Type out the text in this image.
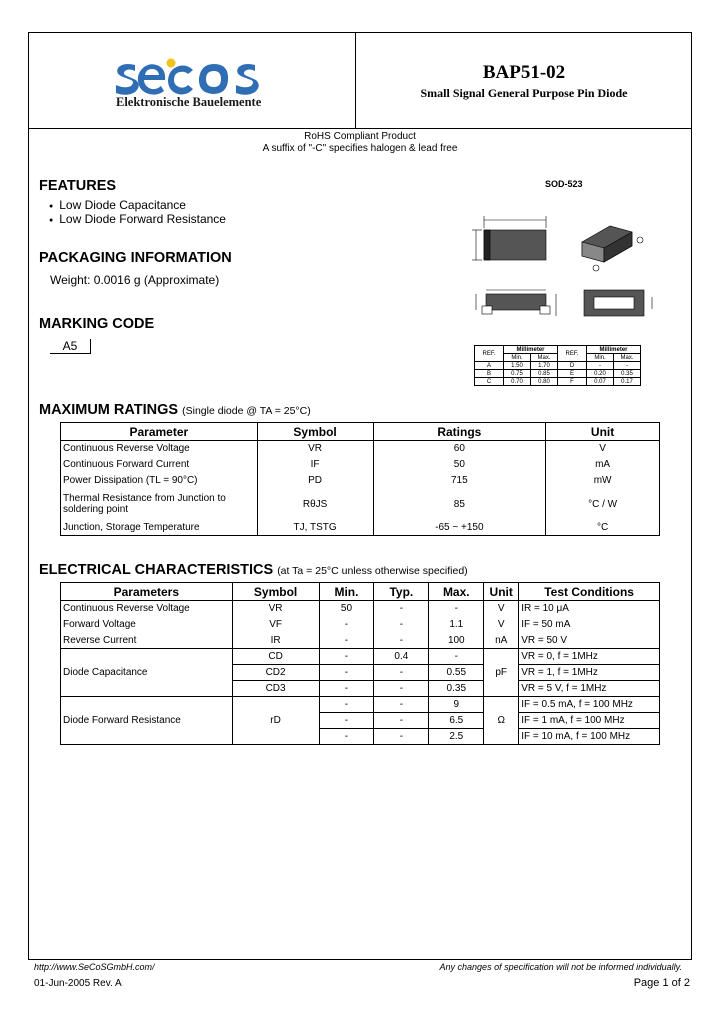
Elektronische Bauelemente
BAP51-02
Small Signal General Purpose Pin Diode
RoHS Compliant Product
A suffix of "-C" specifies halogen & lead free
FEATURES
● Low Diode Capacitance
● Low Diode Forward Resistance
PACKAGING INFORMATION
Weight: 0.0016 g (Approximate)
MARKING CODE
A5
SOD-523
REF.	Millimeter		REF.	Millimeter	
	Min.	Max.		Min.	Max.
A	1.50	1.70	D	-	-
B	0.75	0.85	E	0.20	0.35
C	0.70	0.80	F	0.07	0.17
MAXIMUM RATINGS (Single diode @ TA = 25°C)
Parameter	Symbol	Ratings	Unit
Continuous Reverse Voltage	VR	60	V
Continuous Forward Current	IF	50	mA
Power Dissipation (TL = 90°C)	PD	715	mW
Thermal Resistance from Junction to soldering point	RθJS	85	°C / W
Junction, Storage Temperature	TJ, TSTG	-65 ~ +150	°C
ELECTRICAL CHARACTERISTICS (at Ta = 25°C unless otherwise specified)
Parameters	Symbol	Min.	Typ.	Max.	Unit	Test Conditions
Continuous Reverse Voltage	VR	50	-	-	V	IR = 10 μA
Forward Voltage	VF	-	-	1.1	V	IF = 50 mA
Reverse Current	IR	-	-	100	nA	VR = 50 V
Diode Capacitance	CD	-	0.4	-	pF	VR = 0, f = 1MHz
	CD2	-	-	0.55		VR = 1, f = 1MHz
	CD3	-	-	0.35		VR = 5 V, f = 1MHz
Diode Forward Resistance	rD	-	-	9	Ω	IF = 0.5 mA, f = 100 MHz
		-	-	6.5		IF = 1 mA, f = 100 MHz
		-	-	2.5		IF = 10 mA, f = 100 MHz
http://www.SeCoSGmbH.com/	Any changes of specification will not be informed individually.
01-Jun-2005 Rev. A	Page 1 of 2
